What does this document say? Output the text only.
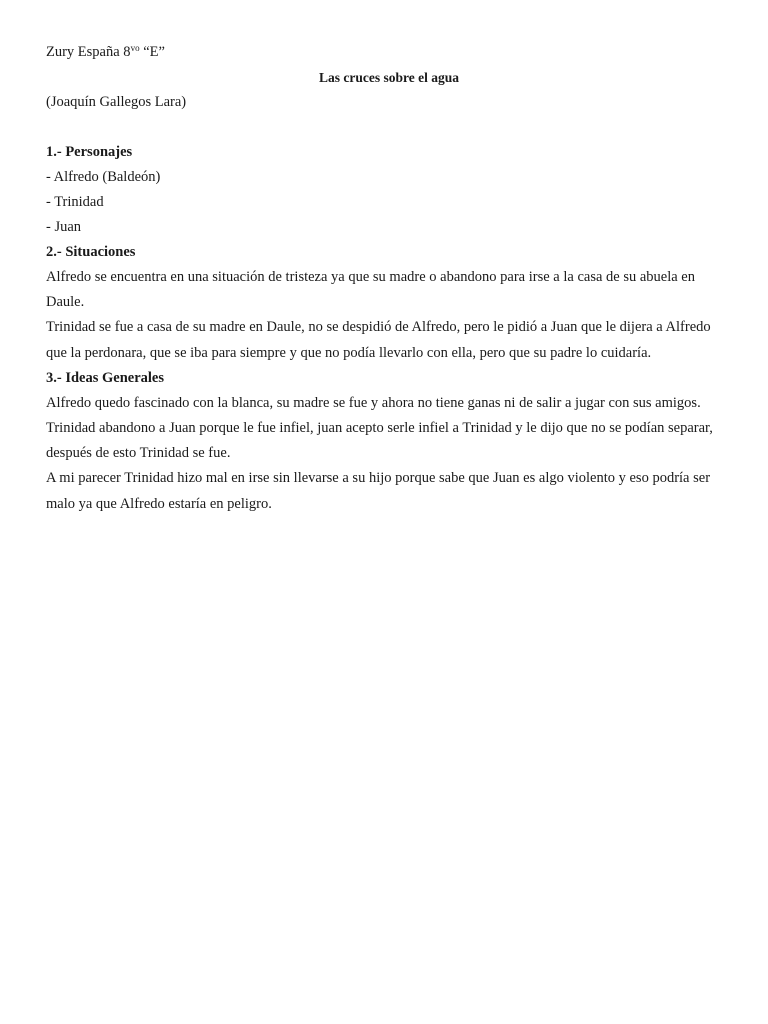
Zury España $8^{vo}$ “E”

Las cruces sobre el agua

(Joaquín Gallegos Lara)

1.- Personajes

- Alfredo (Baldeón)

- Trinidad

- Juan

2.- Situaciones

Alfredo se encuentra en una situación de tristeza ya que su madre o abandono para irse a la casa de su abuela en Daule.

Trinidad se fue a casa de su madre en Daule, no se despidió de Alfredo, pero le pidió a Juan que le dijera a Alfredo que la perdonara, que se iba para siempre y que no podía llevarlo con ella, pero que su padre lo cuidaría.

3.- Ideas Generales

Alfredo quedo fascinado con la blanca, su madre se fue y ahora no tiene ganas ni de salir a jugar con sus amigos.

Trinidad abandono a Juan porque le fue infiel, juan acepto serle infiel a Trinidad y le dijo que no se podían separar, después de esto Trinidad se fue.

A mi parecer Trinidad hizo mal en irse sin llevarse a su hijo porque sabe que Juan es algo violento y eso podría ser malo ya que Alfredo estaría en peligro.
